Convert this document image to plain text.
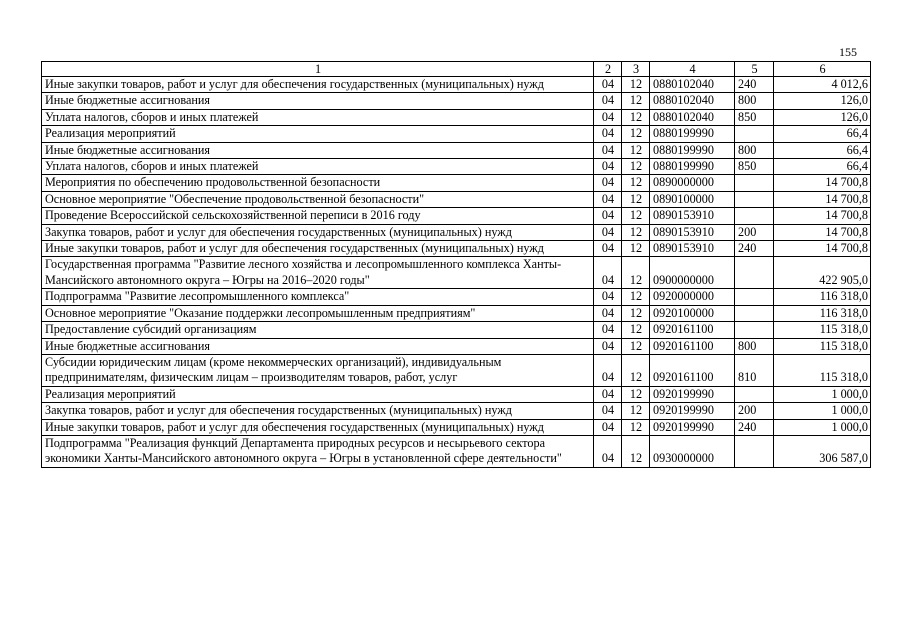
155
1	2	3	4	5	6
Иные закупки товаров, работ и услуг для обеспечения государственных (муниципальных) нужд	04	12	0880102040	240	4 012,6
Иные бюджетные ассигнования	04	12	0880102040	800	126,0
Уплата налогов, сборов и иных платежей	04	12	0880102040	850	126,0
Реализация мероприятий	04	12	0880199990		66,4
Иные бюджетные ассигнования	04	12	0880199990	800	66,4
Уплата налогов, сборов и иных платежей	04	12	0880199990	850	66,4
Мероприятия по обеспечению продовольственной безопасности	04	12	0890000000		14 700,8
Основное мероприятие "Обеспечение продовольственной безопасности"	04	12	0890100000		14 700,8
Проведение Всероссийской сельскохозяйственной переписи в 2016 году	04	12	0890153910		14 700,8
Закупка товаров, работ и услуг для обеспечения государственных (муниципальных) нужд	04	12	0890153910	200	14 700,8
Иные закупки товаров, работ и услуг для обеспечения государственных (муниципальных) нужд	04	12	0890153910	240	14 700,8
Государственная программа "Развитие лесного хозяйства и лесопромышленного комплекса Ханты-Мансийского автономного округа – Югры на 2016–2020 годы"	04	12	0900000000		422 905,0
Подпрограмма "Развитие лесопромышленного комплекса"	04	12	0920000000		116 318,0
Основное мероприятие "Оказание поддержки лесопромышленным предприятиям"	04	12	0920100000		116 318,0
Предоставление субсидий организациям	04	12	0920161100		115 318,0
Иные бюджетные ассигнования	04	12	0920161100	800	115 318,0
Субсидии юридическим лицам (кроме некоммерческих организаций), индивидуальным предпринимателям, физическим лицам – производителям товаров, работ, услуг	04	12	0920161100	810	115 318,0
Реализация мероприятий	04	12	0920199990		1 000,0
Закупка товаров, работ и услуг для обеспечения государственных (муниципальных) нужд	04	12	0920199990	200	1 000,0
Иные закупки товаров, работ и услуг для обеспечения государственных (муниципальных) нужд	04	12	0920199990	240	1 000,0
Подпрограмма "Реализация функций Департамента природных ресурсов и несырьевого сектора экономики Ханты-Мансийского автономного округа – Югры в установленной сфере деятельности"	04	12	0930000000		306 587,0
